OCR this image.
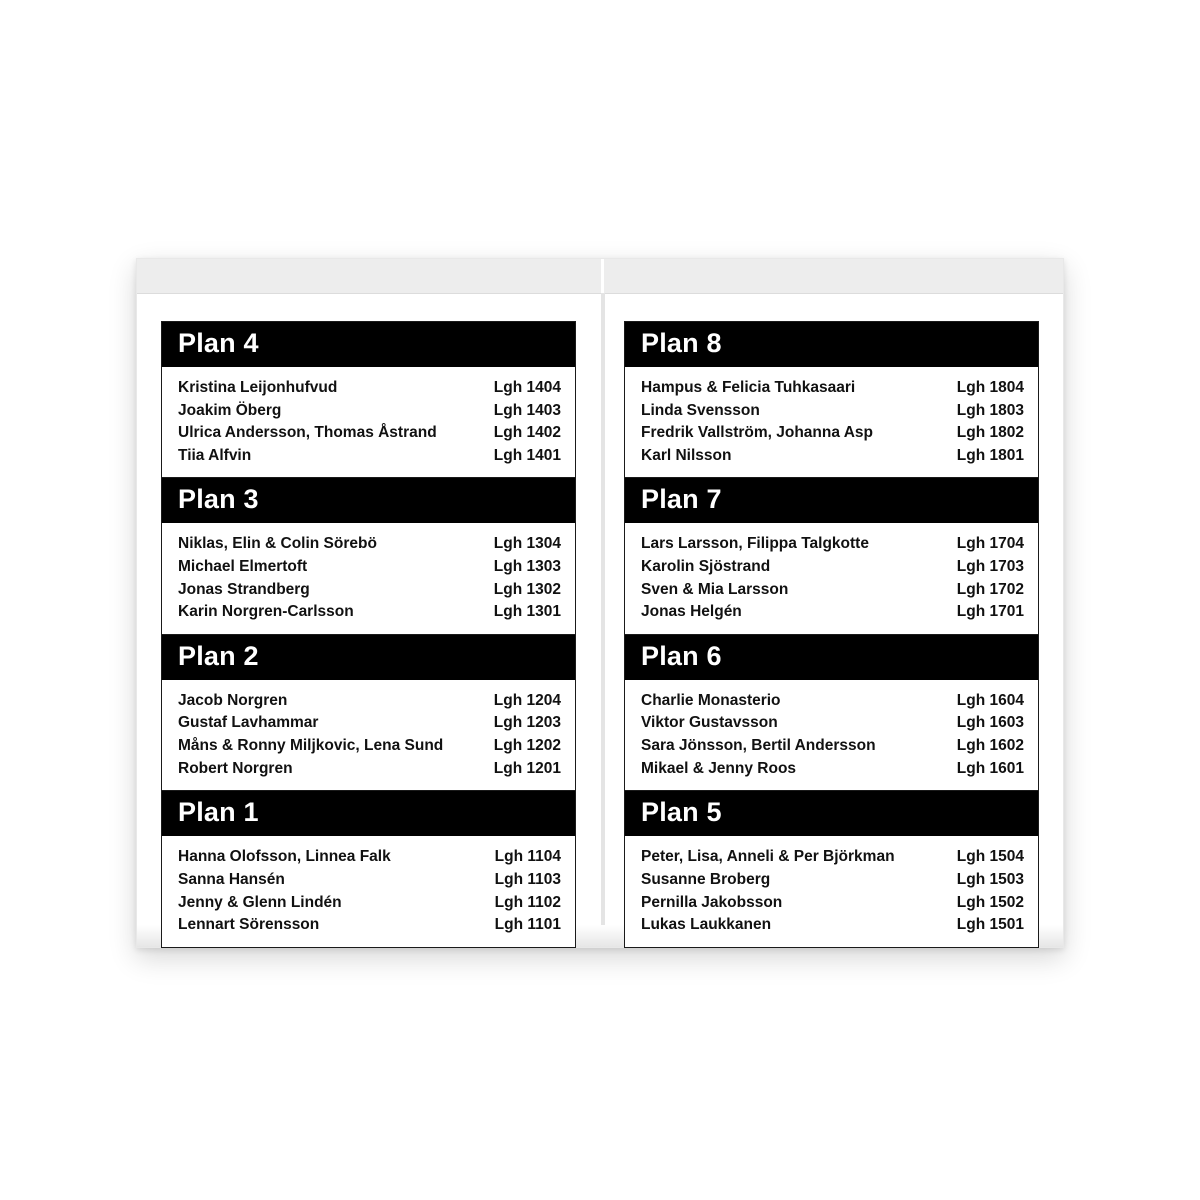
Plan 4
Kristina Leijonhufvud	Lgh 1404
Joakim Öberg	Lgh 1403
Ulrica Andersson, Thomas Åstrand	Lgh 1402
Tiia Alfvin	Lgh 1401
Plan 3
Niklas, Elin & Colin Sörebö	Lgh 1304
Michael Elmertoft	Lgh 1303
Jonas Strandberg	Lgh 1302
Karin Norgren-Carlsson	Lgh 1301
Plan 2
Jacob Norgren	Lgh 1204
Gustaf Lavhammar	Lgh 1203
Måns & Ronny Miljkovic, Lena Sund	Lgh 1202
Robert Norgren	Lgh 1201
Plan 1
Hanna Olofsson, Linnea Falk	Lgh 1104
Sanna Hansén	Lgh 1103
Jenny & Glenn Lindén	Lgh 1102
Lennart Sörensson	Lgh 1101
Plan 8
Hampus & Felicia Tuhkasaari	Lgh 1804
Linda Svensson	Lgh 1803
Fredrik Vallström, Johanna Asp	Lgh 1802
Karl Nilsson	Lgh 1801
Plan 7
Lars Larsson, Filippa Talgkotte	Lgh 1704
Karolin Sjöstrand	Lgh 1703
Sven & Mia Larsson	Lgh 1702
Jonas Helgén	Lgh 1701
Plan 6
Charlie Monasterio	Lgh 1604
Viktor Gustavsson	Lgh 1603
Sara Jönsson, Bertil Andersson	Lgh 1602
Mikael & Jenny Roos	Lgh 1601
Plan 5
Peter, Lisa, Anneli & Per Björkman	Lgh 1504
Susanne Broberg	Lgh 1503
Pernilla Jakobsson	Lgh 1502
Lukas Laukkanen	Lgh 1501
